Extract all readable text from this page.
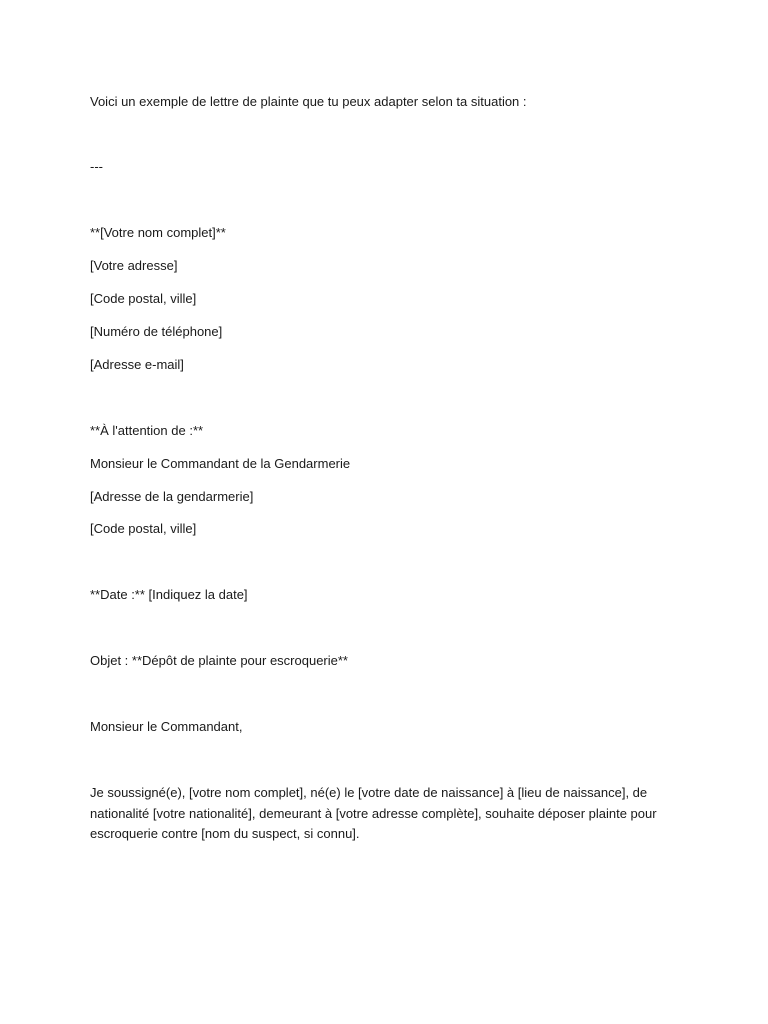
Voici un exemple de lettre de plainte que tu peux adapter selon ta situation :
---
**[Votre nom complet]**
[Votre adresse]
[Code postal, ville]
[Numéro de téléphone]
[Adresse e-mail]
**À l'attention de :**
Monsieur le Commandant de la Gendarmerie
[Adresse de la gendarmerie]
[Code postal, ville]
**Date :** [Indiquez la date]
Objet : **Dépôt de plainte pour escroquerie**
Monsieur le Commandant,
Je soussigné(e), [votre nom complet], né(e) le [votre date de naissance] à [lieu de naissance], de nationalité [votre nationalité], demeurant à [votre adresse complète], souhaite déposer plainte pour escroquerie contre [nom du suspect, si connu].
